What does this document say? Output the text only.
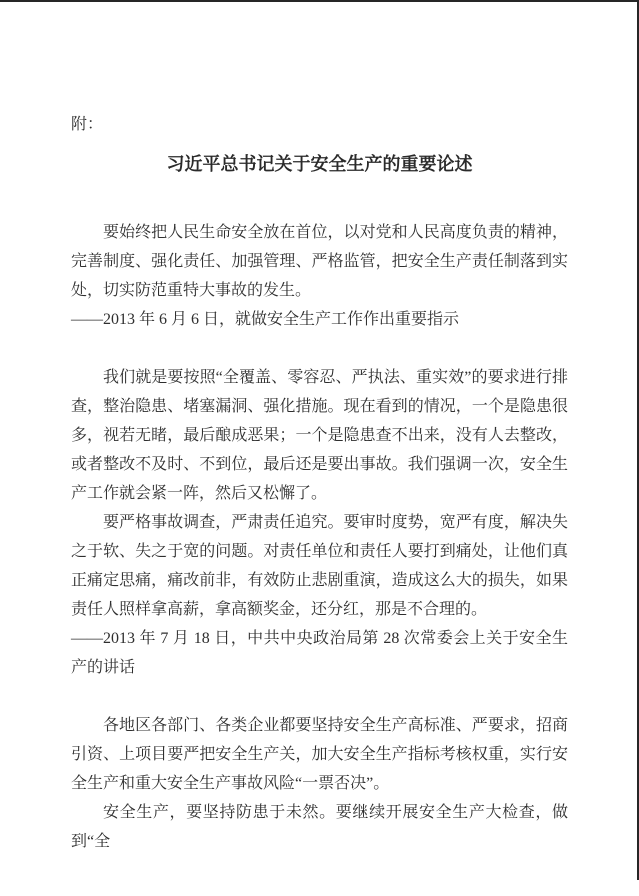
附：

习近平总书记关于安全生产的重要论述

要始终把人民生命安全放在首位，以对党和人民高度负责的精神，完善制度、强化责任、加强管理、严格监管，把安全生产责任制落到实处，切实防范重特大事故的发生。

——2013 年 6 月 6 日，就做安全生产工作作出重要指示

我们就是要按照“全覆盖、零容忍、严执法、重实效”的要求进行排查，整治隐患、堵塞漏洞、强化措施。现在看到的情况，一个是隐患很多，视若无睹，最后酿成恶果；一个是隐患查不出来，没有人去整改，或者整改不及时、不到位，最后还是要出事故。我们强调一次，安全生产工作就会紧一阵，然后又松懈了。

要严格事故调查，严肃责任追究。要审时度势，宽严有度，解决失之于软、失之于宽的问题。对责任单位和责任人要打到痛处，让他们真正痛定思痛，痛改前非，有效防止悲剧重演，造成这么大的损失，如果责任人照样拿高薪，拿高额奖金，还分红，那是不合理的。

——2013 年 7 月 18 日，中共中央政治局第 28 次常委会上关于安全生产的讲话

各地区各部门、各类企业都要坚持安全生产高标准、严要求，招商引资、上项目要严把安全生产关，加大安全生产指标考核权重，实行安全生产和重大安全生产事故风险“一票否决”。

安全生产，要坚持防患于未然。要继续开展安全生产大检查，做到“全
